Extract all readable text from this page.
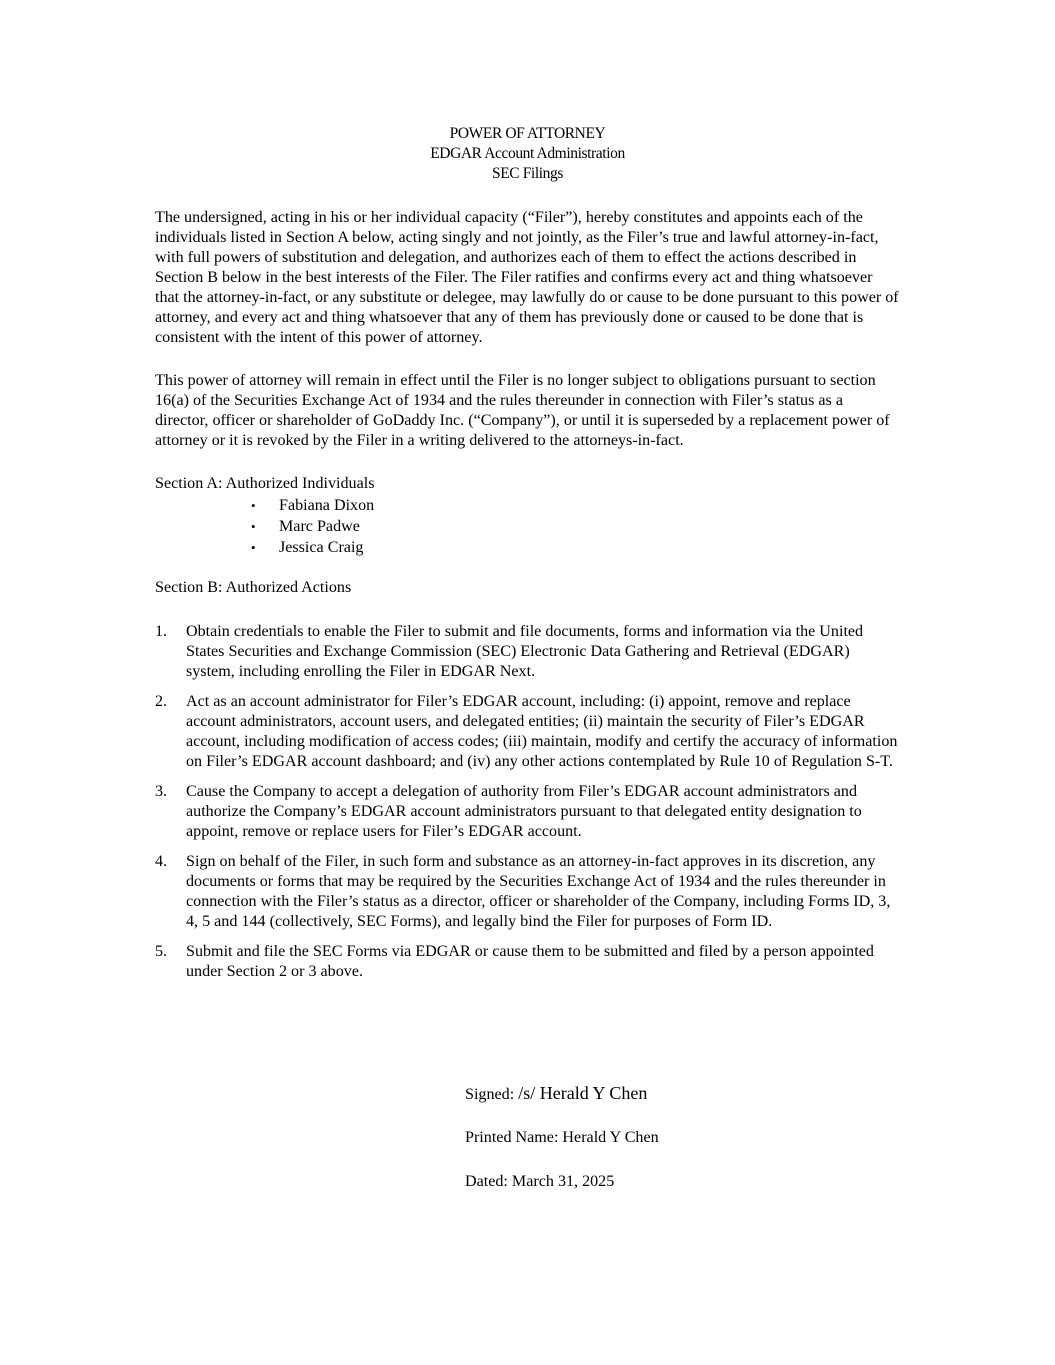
POWER OF ATTORNEY
EDGAR Account Administration
SEC Filings

The undersigned, acting in his or her individual capacity (“Filer”), hereby constitutes and appoints each of the individuals listed in Section A below, acting singly and not jointly, as the Filer’s true and lawful attorney-in-fact, with full powers of substitution and delegation, and authorizes each of them to effect the actions described in Section B below in the best interests of the Filer. The Filer ratifies and confirms every act and thing whatsoever that the attorney-in-fact, or any substitute or delegee, may lawfully do or cause to be done pursuant to this power of attorney, and every act and thing whatsoever that any of them has previously done or caused to be done that is consistent with the intent of this power of attorney.

This power of attorney will remain in effect until the Filer is no longer subject to obligations pursuant to section 16(a) of the Securities Exchange Act of 1934 and the rules thereunder in connection with Filer’s status as a director, officer or shareholder of GoDaddy Inc. (“Company”), or until it is superseded by a replacement power of attorney or it is revoked by the Filer in a writing delivered to the attorneys-in-fact.

Section A: Authorized Individuals

• Fabiana Dixon
• Marc Padwe
• Jessica Craig

Section B: Authorized Actions

1. Obtain credentials to enable the Filer to submit and file documents, forms and information via the United States Securities and Exchange Commission (SEC) Electronic Data Gathering and Retrieval (EDGAR) system, including enrolling the Filer in EDGAR Next.
2. Act as an account administrator for Filer’s EDGAR account, including: (i) appoint, remove and replace account administrators, account users, and delegated entities; (ii) maintain the security of Filer’s EDGAR account, including modification of access codes; (iii) maintain, modify and certify the accuracy of information on Filer’s EDGAR account dashboard; and (iv) any other actions contemplated by Rule 10 of Regulation S-T.
3. Cause the Company to accept a delegation of authority from Filer’s EDGAR account administrators and authorize the Company’s EDGAR account administrators pursuant to that delegated entity designation to appoint, remove or replace users for Filer’s EDGAR account.
4. Sign on behalf of the Filer, in such form and substance as an attorney-in-fact approves in its discretion, any documents or forms that may be required by the Securities Exchange Act of 1934 and the rules thereunder in connection with the Filer’s status as a director, officer or shareholder of the Company, including Forms ID, 3, 4, 5 and 144 (collectively, SEC Forms), and legally bind the Filer for purposes of Form ID.
5. Submit and file the SEC Forms via EDGAR or cause them to be submitted and filed by a person appointed under Section 2 or 3 above.
Signed: /s/ Herald Y Chen
Printed Name: Herald Y Chen
Dated: March 31, 2025
